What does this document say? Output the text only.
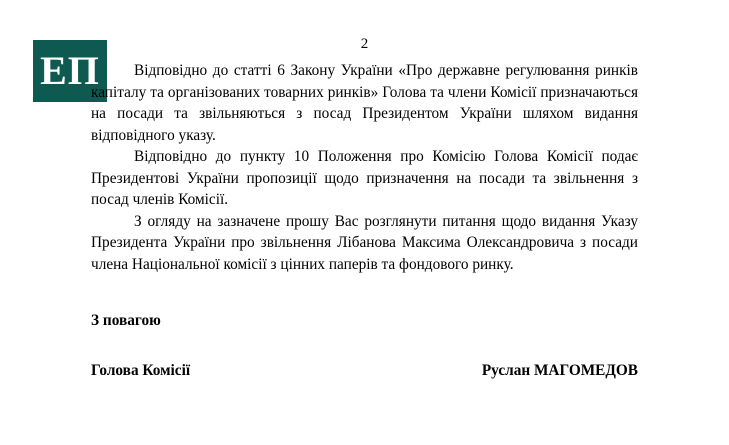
ЕП
2

Відповідно до статті 6 Закону України «Про державне регулювання ринків капіталу та організованих товарних ринків» Голова та члени Комісії призначаються на посади та звільняються з посад Президентом України шляхом видання відповідного указу.

Відповідно до пункту 10 Положення про Комісію Голова Комісії подає Президентові України пропозиції щодо призначення на посади та звільнення з посад членів Комісії.

З огляду на зазначене прошу Вас розглянути питання щодо видання Указу Президента України про звільнення Лібанова Максима Олександровича з посади члена Національної комісії з цінних паперів та фондового ринку.

З повагою

Голова Комісії	Руслан МАГОМЕДОВ
